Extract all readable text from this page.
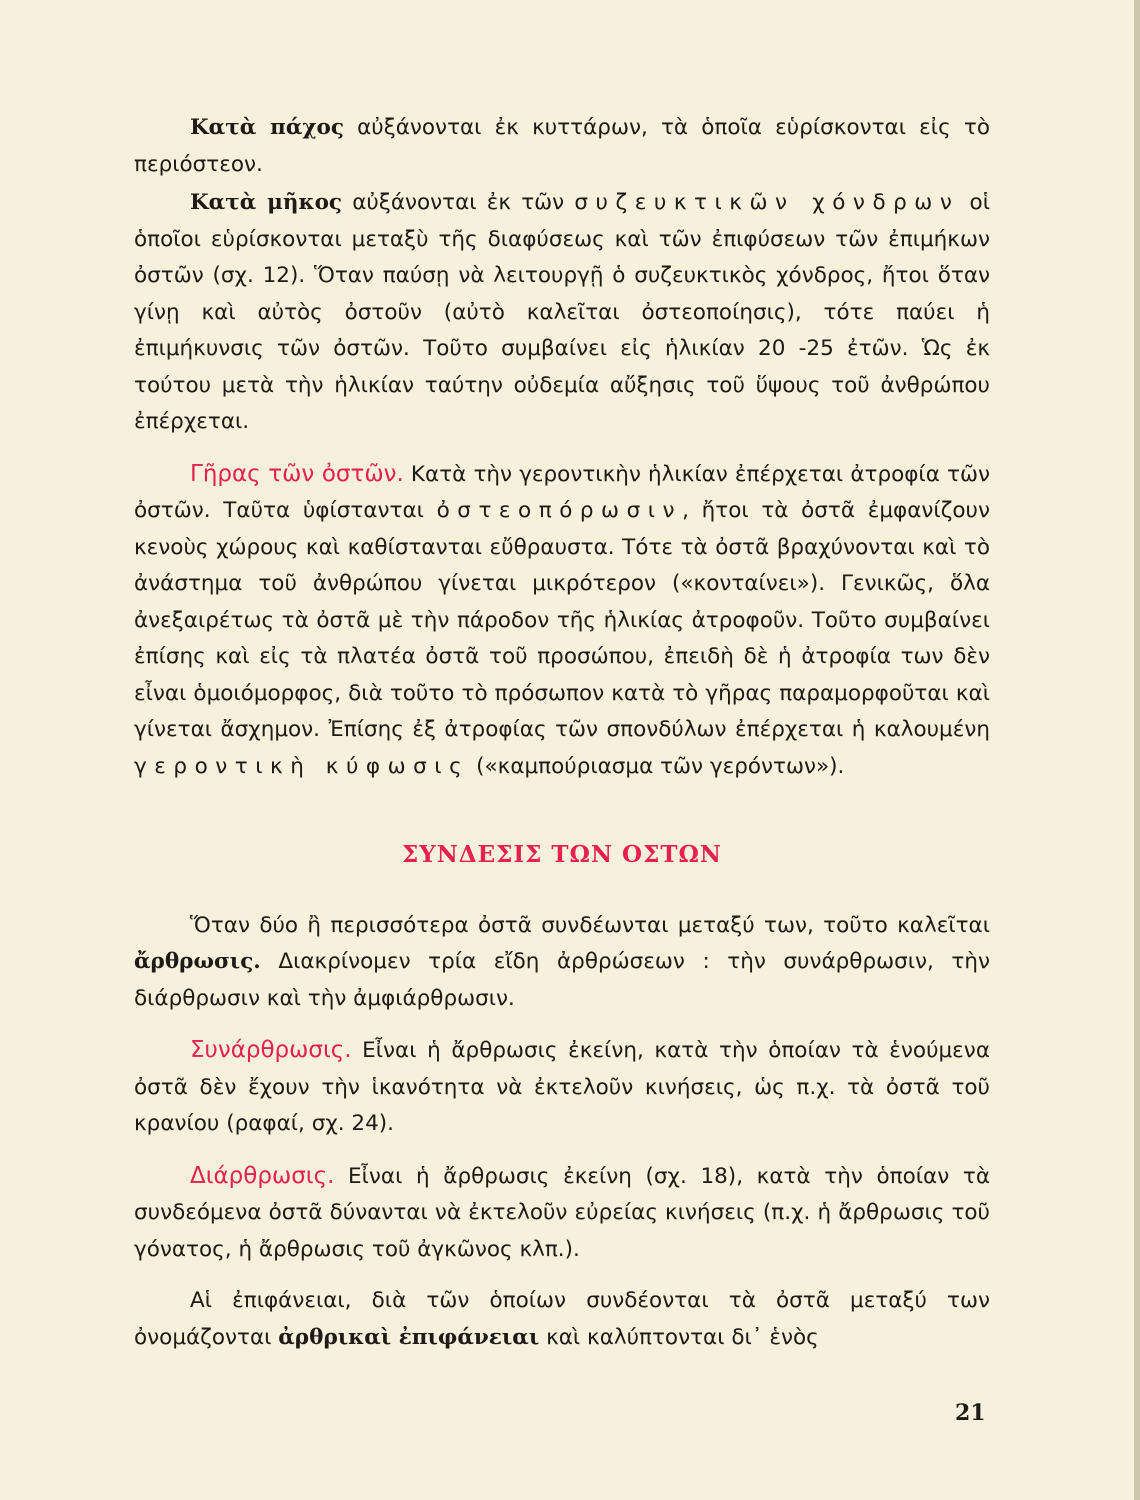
Κατὰ πάχος αὐξάνονται ἐκ κυττάρων, τὰ ὁποῖα εὑρίσκονται εἰς τὸ περιόστεον.

Κατὰ μῆκος αὐξάνονται ἐκ τῶν συζευκτικῶν χόνδρων οἱ ὁποῖοι εὑρίσκονται μεταξὺ τῆς διαφύσεως καὶ τῶν ἐπιφύσεων τῶν ἐπιμήκων ὀστῶν (σχ. 12). Ὅταν παύσῃ νὰ λειτουργῇ ὁ συζευκτικὸς χόνδρος, ἤτοι ὅταν γίνῃ καὶ αὐτὸς ὀστοῦν (αὐτὸ καλεῖται ὀστεοποίησις), τότε παύει ἡ ἐπιμήκυνσις τῶν ὀστῶν. Τοῦτο συμβαίνει εἰς ἡλικίαν 20 -25 ἐτῶν. Ὡς ἐκ τούτου μετὰ τὴν ἡλικίαν ταύτην οὐδεμία αὔξησις τοῦ ὕψους τοῦ ἀνθρώπου ἐπέρχεται.

Γῆρας τῶν ὀστῶν. Κατὰ τὴν γεροντικὴν ἡλικίαν ἐπέρχεται ἀτροφία τῶν ὀστῶν. Ταῦτα ὑφίστανται ὀστεοπόρωσιν, ἤτοι τὰ ὀστᾶ ἐμφανίζουν κενοὺς χώρους καὶ καθίστανται εὔθραυστα. Τότε τὰ ὀστᾶ βραχύνονται καὶ τὸ ἀνάστημα τοῦ ἀνθρώπου γίνεται μικρότερον («κονταίνει»). Γενικῶς, ὅλα ἀνεξαιρέτως τὰ ὀστᾶ μὲ τὴν πάροδον τῆς ἡλικίας ἀτροφοῦν. Τοῦτο συμβαίνει ἐπίσης καὶ εἰς τὰ πλατέα ὀστᾶ τοῦ προσώπου, ἐπειδὴ δὲ ἡ ἀτροφία των δὲν εἶναι ὁμοιόμορφος, διὰ τοῦτο τὸ πρόσωπον κατὰ τὸ γῆρας παραμορφοῦται καὶ γίνεται ἄσχημον. Ἐπίσης ἐξ ἀτροφίας τῶν σπονδύλων ἐπέρχεται ἡ καλουμένη γεροντικὴ κύφωσις («καμπούριασμα τῶν γερόντων»).

ΣΥΝΔΕΣΙΣ ΤΩΝ ΟΣΤΩΝ

Ὅταν δύο ἢ περισσότερα ὀστᾶ συνδέωνται μεταξύ των, τοῦτο καλεῖται ἄρθρωσις. Διακρίνομεν τρία εἴδη ἀρθρώσεων : τὴν συνάρθρωσιν, τὴν διάρθρωσιν καὶ τὴν ἀμφιάρθρωσιν.

Συνάρθρωσις. Εἶναι ἡ ἄρθρωσις ἐκείνη, κατὰ τὴν ὁποίαν τὰ ἑνούμενα ὀστᾶ δὲν ἔχουν τὴν ἱκανότητα νὰ ἐκτελοῦν κινήσεις, ὡς π.χ. τὰ ὀστᾶ τοῦ κρανίου (ραφαί, σχ. 24).

Διάρθρωσις. Εἶναι ἡ ἄρθρωσις ἐκείνη (σχ. 18), κατὰ τὴν ὁποίαν τὰ συνδεόμενα ὀστᾶ δύνανται νὰ ἐκτελοῦν εὐρείας κινήσεις (π.χ. ἡ ἄρθρωσις τοῦ γόνατος, ἡ ἄρθρωσις τοῦ ἀγκῶνος κλπ.).

Αἱ ἐπιφάνειαι, διὰ τῶν ὁποίων συνδέονται τὰ ὀστᾶ μεταξύ των ὀνομάζονται ἀρθρικαὶ ἐπιφάνειαι καὶ καλύπτονται δι᾿ ἑνὸς

21
